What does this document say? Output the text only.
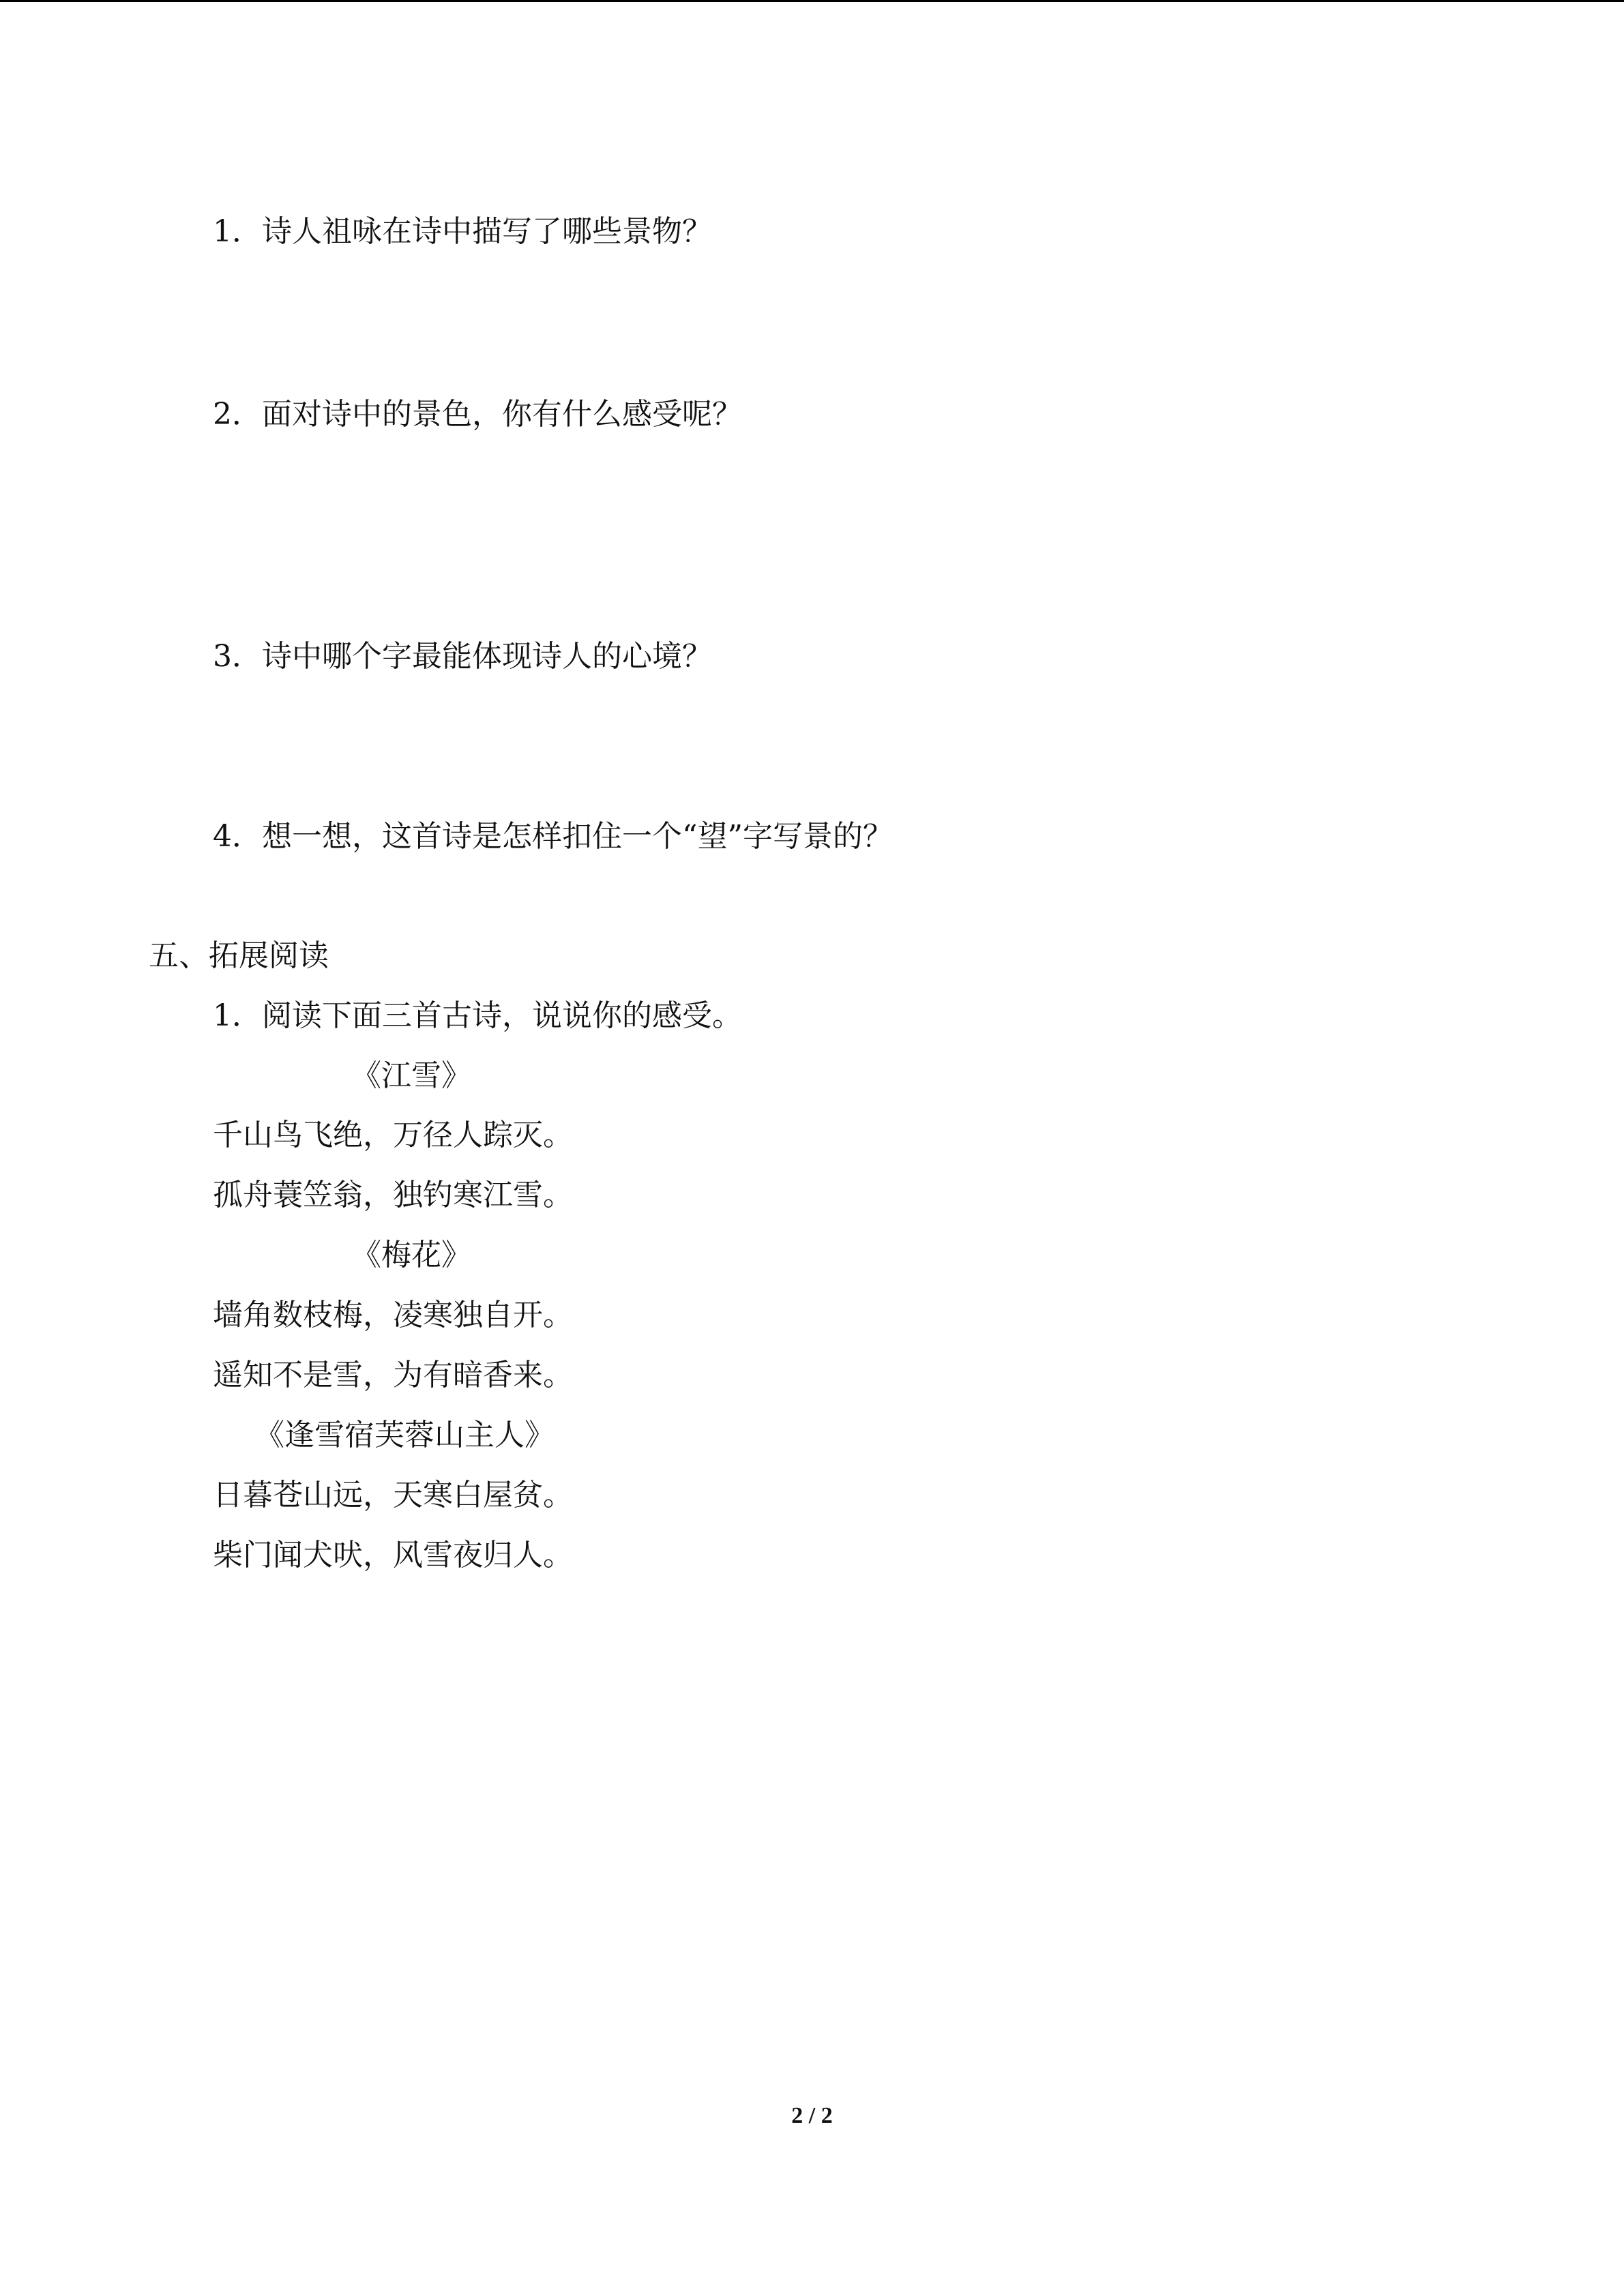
1．诗人祖咏在诗中描写了哪些景物？
2．面对诗中的景色，你有什么感受呢？
3．诗中哪个字最能体现诗人的心境？
4．想一想，这首诗是怎样扣住一个“望”字写景的？
五、拓展阅读
1．阅读下面三首古诗，说说你的感受。
《江雪》
千山鸟飞绝，万径人踪灭。
孤舟蓑笠翁，独钓寒江雪。
《梅花》
墙角数枝梅，凌寒独自开。
遥知不是雪，为有暗香来。
《逢雪宿芙蓉山主人》
日暮苍山远，天寒白屋贫。
柴门闻犬吠，风雪夜归人。
2 / 2
